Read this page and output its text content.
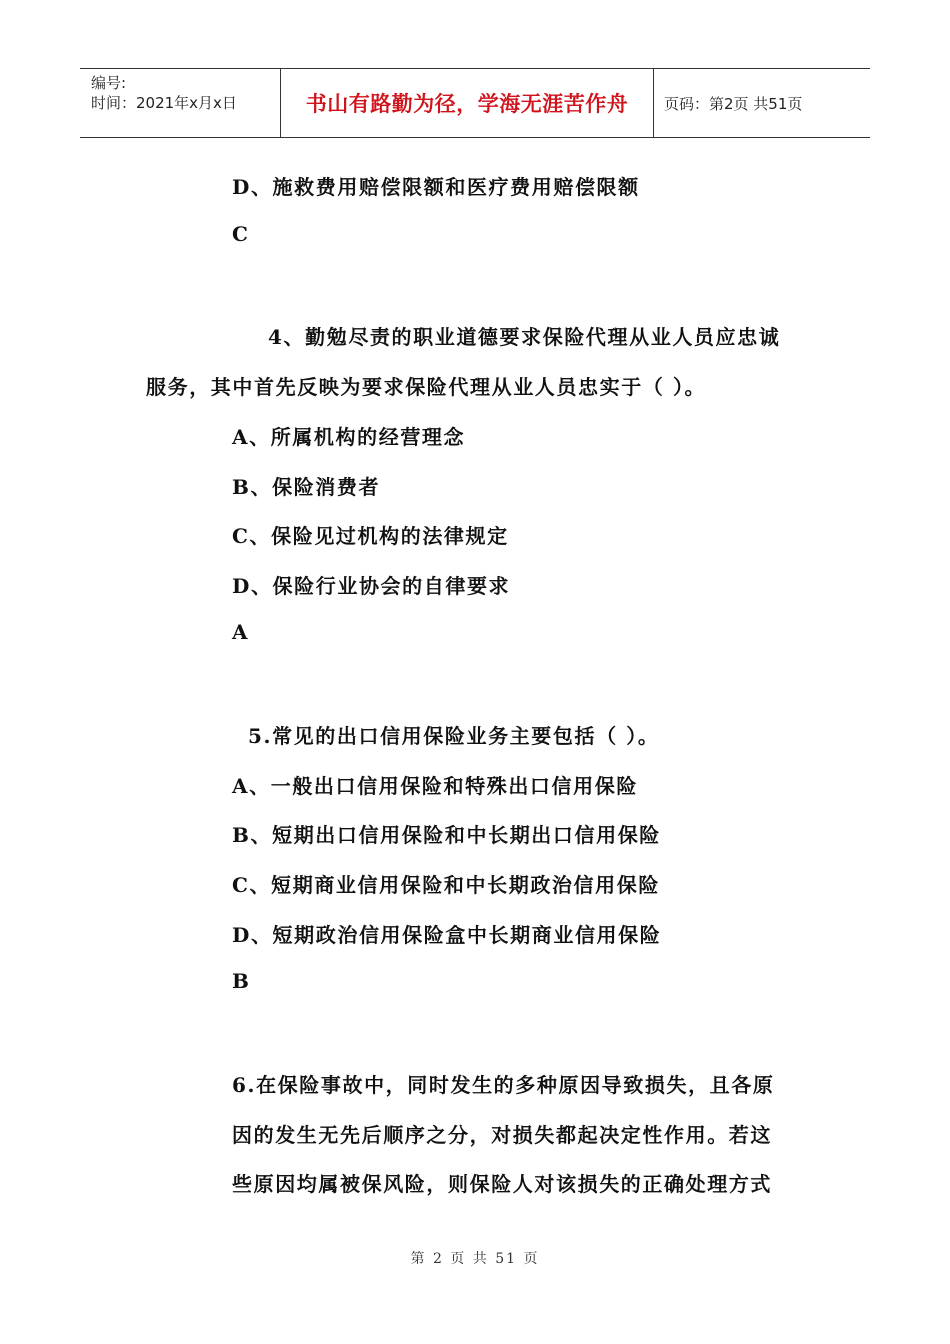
编号:
时间：2021年x月x日	书山有路勤为径，学海无涯苦作舟	页码：第2页 共51页
D、施救费用赔偿限额和医疗费用赔偿限额
C
4、勤勉尽责的职业道德要求保险代理从业人员应忠诚
服务，其中首先反映为要求保险代理从业人员忠实于（ ）。
A、所属机构的经营理念
B、保险消费者
C、保险见过机构的法律规定
D、保险行业协会的自律要求
A
5.常见的出口信用保险业务主要包括（ ）。
A、一般出口信用保险和特殊出口信用保险
B、短期出口信用保险和中长期出口信用保险
C、短期商业信用保险和中长期政治信用保险
D、短期政治信用保险盒中长期商业信用保险
B
6.在保险事故中，同时发生的多种原因导致损失，且各原
因的发生无先后顺序之分，对损失都起决定性作用。若这
些原因均属被保风险，则保险人对该损失的正确处理方式
第 2 页 共 51 页
